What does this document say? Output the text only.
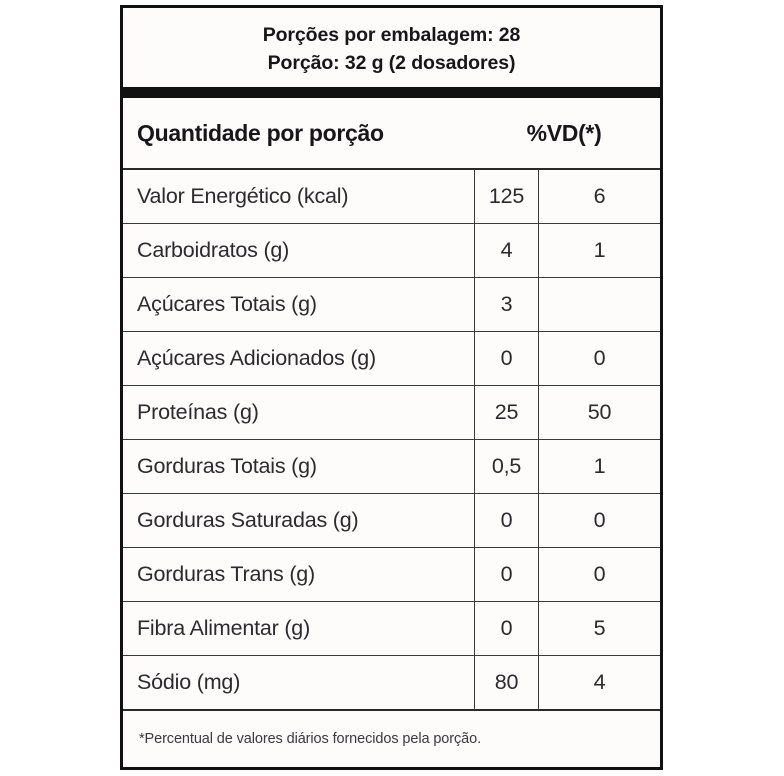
Porções por embalagem: 28
Porção: 32 g (2 dosadores)
Quantidade por porção	%VD(*)
Valor Energético (kcal)	125	6
Carboidratos (g)	4	1
Açúcares Totais (g)	3
Açúcares Adicionados (g)	0	0
Proteínas (g)	25	50
Gorduras Totais (g)	0,5	1
Gorduras Saturadas (g)	0	0
Gorduras Trans (g)	0	0
Fibra Alimentar (g)	0	5
Sódio (mg)	80	4
*Percentual de valores diários fornecidos pela porção.
